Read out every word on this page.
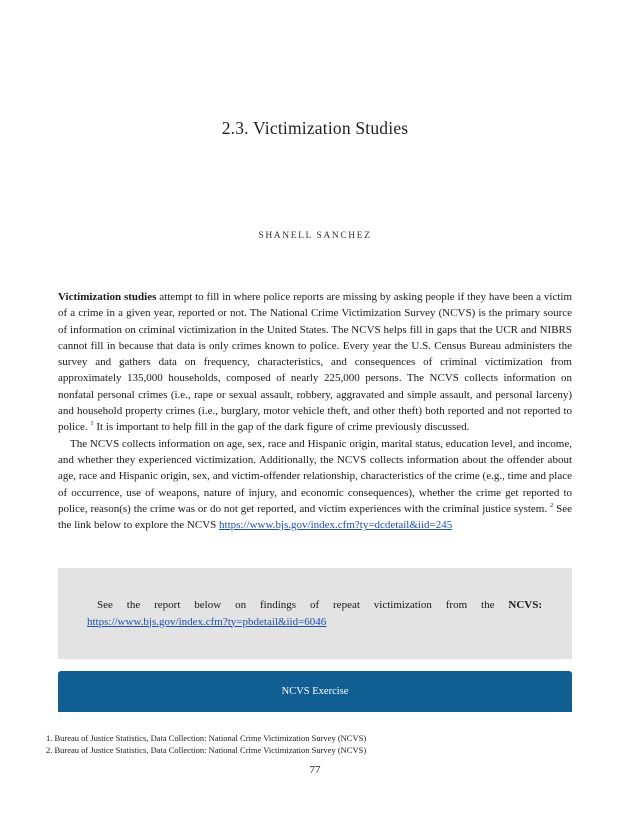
2.3. Victimization Studies
SHANELL SANCHEZ

Victimization studies attempt to fill in where police reports are missing by asking people if they have been a victim of a crime in a given year, reported or not. The National Crime Victimization Survey (NCVS) is the primary source of information on criminal victimization in the United States. The NCVS helps fill in gaps that the UCR and NIBRS cannot fill in because that data is only crimes known to police. Every year the U.S. Census Bureau administers the survey and gathers data on frequency, characteristics, and consequences of criminal victimization from approximately 135,000 households, composed of nearly 225,000 persons. The NCVS collects information on nonfatal personal crimes (i.e., rape or sexual assault, robbery, aggravated and simple assault, and personal larceny) and household property crimes (i.e., burglary, motor vehicle theft, and other theft) both reported and not reported to police. $^1$ It is important to help fill in the gap of the dark figure of crime previously discussed.

The NCVS collects information on age, sex, race and Hispanic origin, marital status, education level, and income, and whether they experienced victimization. Additionally, the NCVS collects information about the offender about age, race and Hispanic origin, sex, and victim-offender relationship, characteristics of the crime (e.g., time and place of occurrence, use of weapons, nature of injury, and economic consequences), whether the crime get reported to police, reason(s) the crime was or do not get reported, and victim experiences with the criminal justice system. $^2$ See the link below to explore the NCVS https://www.bjs.gov/index.cfm?ty=dcdetail&iid=245

See the report below on findings of repeat victimization from the NCVS: https://www.bjs.gov/index.cfm?ty=pbdetail&iid=6046
NCVS Exercise
1. Bureau of Justice Statistics, Data Collection: National Crime Victimization Survey (NCVS)
2. Bureau of Justice Statistics, Data Collection: National Crime Victimization Survey (NCVS)
77
